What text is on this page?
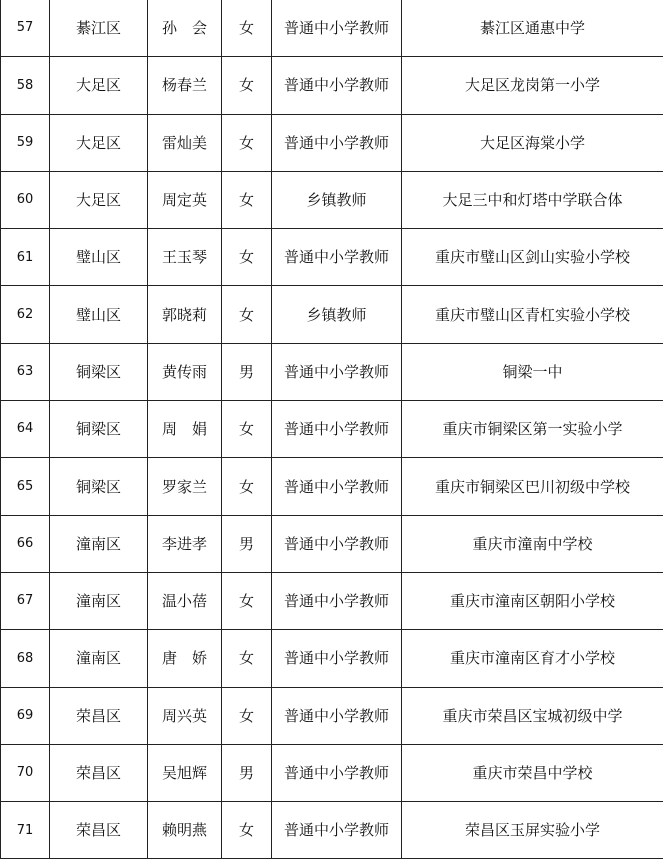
57	綦江区	孙　会	女	普通中小学教师	綦江区通惠中学
58	大足区	杨春兰	女	普通中小学教师	大足区龙岗第一小学
59	大足区	雷灿美	女	普通中小学教师	大足区海棠小学
60	大足区	周定英	女	乡镇教师	大足三中和灯塔中学联合体
61	璧山区	王玉琴	女	普通中小学教师	重庆市璧山区剑山实验小学校
62	璧山区	郭晓莉	女	乡镇教师	重庆市璧山区青杠实验小学校
63	铜梁区	黄传雨	男	普通中小学教师	铜梁一中
64	铜梁区	周　娟	女	普通中小学教师	重庆市铜梁区第一实验小学
65	铜梁区	罗家兰	女	普通中小学教师	重庆市铜梁区巴川初级中学校
66	潼南区	李进孝	男	普通中小学教师	重庆市潼南中学校
67	潼南区	温小蓓	女	普通中小学教师	重庆市潼南区朝阳小学校
68	潼南区	唐　娇	女	普通中小学教师	重庆市潼南区育才小学校
69	荣昌区	周兴英	女	普通中小学教师	重庆市荣昌区宝城初级中学
70	荣昌区	吴旭辉	男	普通中小学教师	重庆市荣昌中学校
71	荣昌区	赖明燕	女	普通中小学教师	荣昌区玉屏实验小学
